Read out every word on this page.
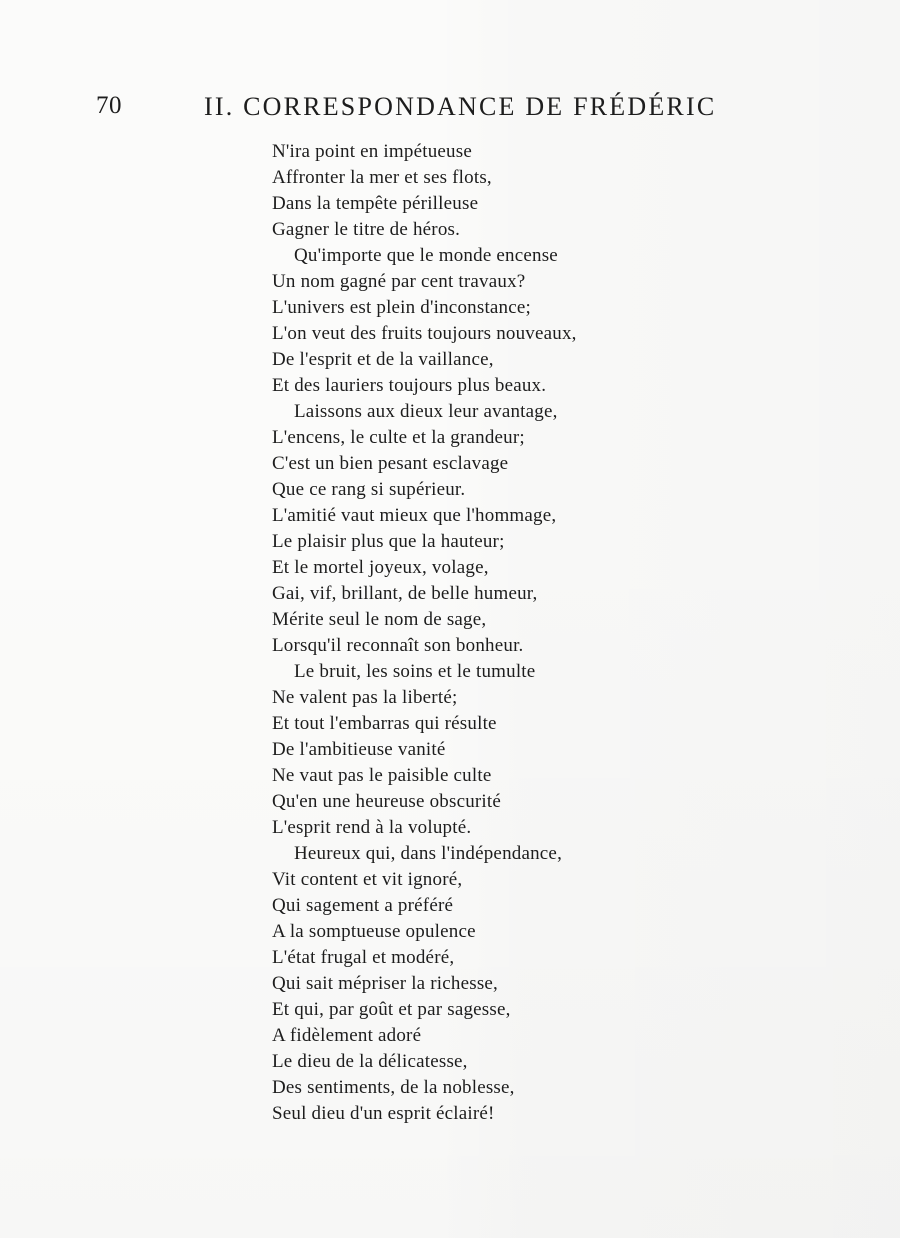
70	II. CORRESPONDANCE DE FRÉDÉRIC
N'ira point en impétueuse
Affronter la mer et ses flots,
Dans la tempête périlleuse
Gagner le titre de héros.
Qu'importe que le monde encense
Un nom gagné par cent travaux?
L'univers est plein d'inconstance;
L'on veut des fruits toujours nouveaux,
De l'esprit et de la vaillance,
Et des lauriers toujours plus beaux.
Laissons aux dieux leur avantage,
L'encens, le culte et la grandeur;
C'est un bien pesant esclavage
Que ce rang si supérieur.
L'amitié vaut mieux que l'hommage,
Le plaisir plus que la hauteur;
Et le mortel joyeux, volage,
Gai, vif, brillant, de belle humeur,
Mérite seul le nom de sage,
Lorsqu'il reconnaît son bonheur.
Le bruit, les soins et le tumulte
Ne valent pas la liberté;
Et tout l'embarras qui résulte
De l'ambitieuse vanité
Ne vaut pas le paisible culte
Qu'en une heureuse obscurité
L'esprit rend à la volupté.
Heureux qui, dans l'indépendance,
Vit content et vit ignoré,
Qui sagement a préféré
A la somptueuse opulence
L'état frugal et modéré,
Qui sait mépriser la richesse,
Et qui, par goût et par sagesse,
A fidèlement adoré
Le dieu de la délicatesse,
Des sentiments, de la noblesse,
Seul dieu d'un esprit éclairé!
